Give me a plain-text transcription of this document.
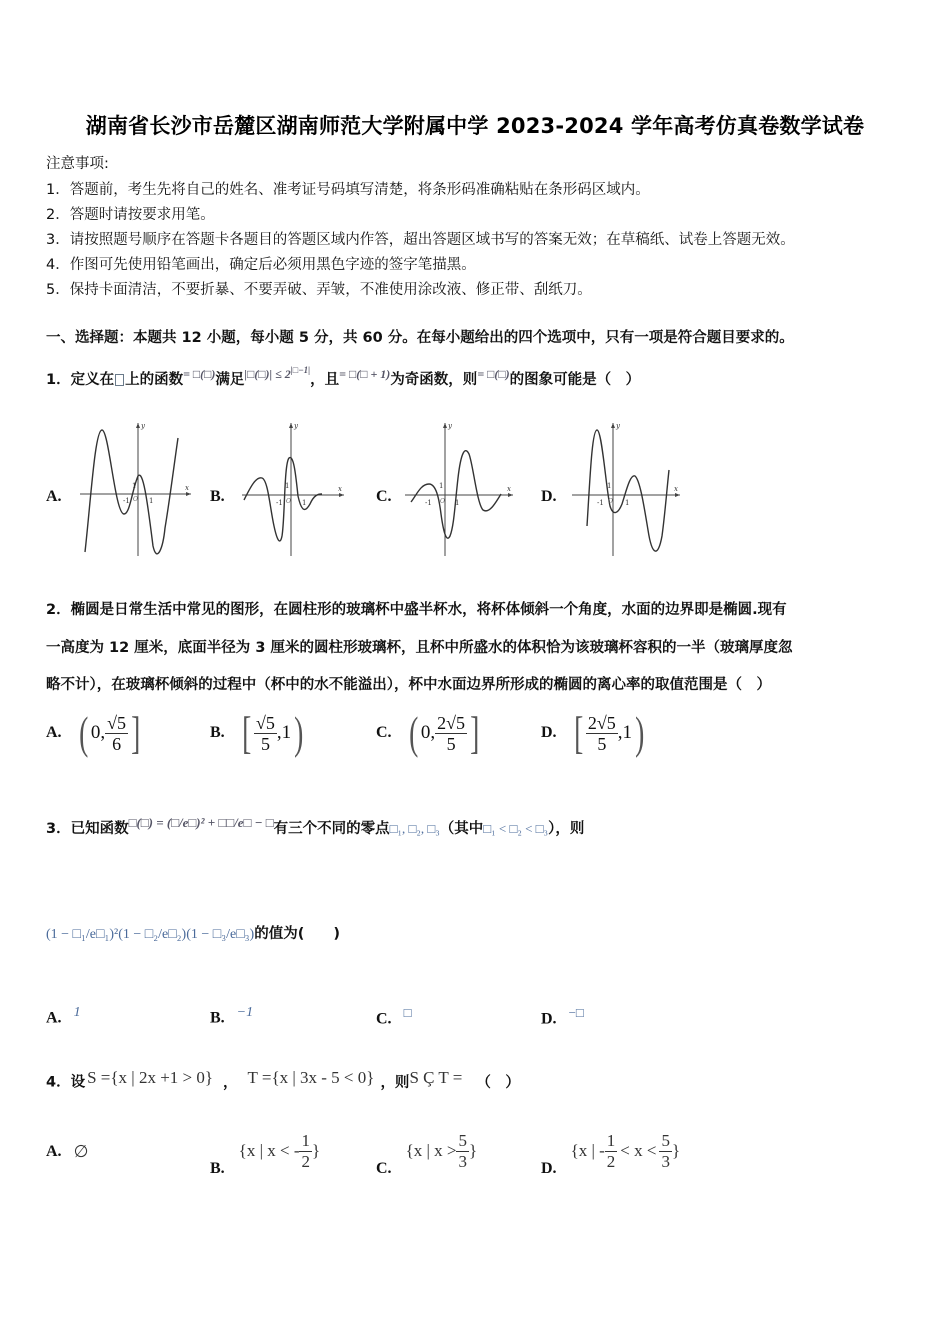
湖南省长沙市岳麓区湖南师范大学附属中学 2023-2024 学年高考仿真卷数学试卷
注意事项:
1．答题前，考生先将自己的姓名、准考证号码填写清楚，将条形码准确粘贴在条形码区域内。
2．答题时请按要求用笔。
3．请按照题号顺序在答题卡各题目的答题区域内作答，超出答题区域书写的答案无效；在草稿纸、试卷上答题无效。
4．作图可先使用铅笔画出，确定后必须用黑色字迹的签字笔描黑。
5．保持卡面清洁，不要折暴、不要弄破、弄皱，不准使用涂改液、修正带、刮纸刀。
一、选择题：本题共 12 小题，每小题 5 分，共 60 分。在每小题给出的四个选项中，只有一项是符合题目要求的。
1．定义在 上的函数= □(□)满足$^{|□(□)| \le 2^{|□-1|}}$，且$^{= □(□ + 1)}$为奇函数，则= □(□)的图象可能是（　）
A.	B.	C.	D.
y
x
-1 O 1
1
y
x
-1 O 1
1
y
x
-1 O 1
1
y
x
-1 O 1
1
2．椭圆是日常生活中常见的图形，在圆柱形的玻璃杯中盛半杯水，将杯体倾斜一个角度，水面的边界即是椭圆.现有
一高度为 12 厘米，底面半径为 3 厘米的圆柱形玻璃杯，且杯中所盛水的体积恰为该玻璃杯容积的一半（玻璃厚度忽
略不计），在玻璃杯倾斜的过程中（杯中的水不能溢出），杯中水面边界所形成的椭圆的离心率的取值范围是（　）
A. ( 0, $\frac{√5}{6}$ ]	B. [ $\frac{√5}{5} ,1$ )	C. ( 0, $\frac{2√5}{5}$ ]	D. [ $\frac{2√5}{5} ,1$ )
3．已知函数□(□) = (□/e□)² + □□/e□ − □有三个不同的零点□₁, □₂, □₃（其中□₁ < □₂ < □₃），则
(1 − □₁/e□₁)²(1 − □₂/e□₂)(1 − □₃/e□₃)的值为(　　)
A. 1	B. −1	C. □	D. −□
4．设 S ={x | 2x +1 > 0} ， T ={x | 3x - 5 < 0} ，则S Ç T = （　）
A. ∅
B.
{x | x < - $\frac{1}{2}$ }
C.
{x | $x > \frac{5}{3}$ }
D.
{x | - $\frac{1}{2} < x < \frac{5}{3}$ }
